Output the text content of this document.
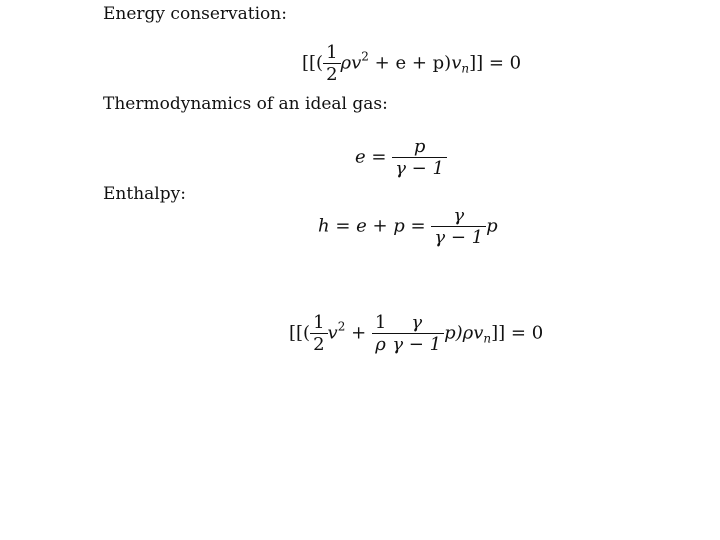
Energy conservation:
[[( $\frac{1}{2} \rho v^2 + e + p)v_n]] = 0$
Thermodynamics of an ideal gas:
$e = \frac{p}{\gamma - 1}$
Enthalpy:
$h = e + p = \frac{\gamma}{\gamma - 1}$ p
[[( $\frac{1}{2} v^2 + \frac{1}{\rho} \frac{\gamma}{\gamma - 1} p)\rho v_n]] = 0$
